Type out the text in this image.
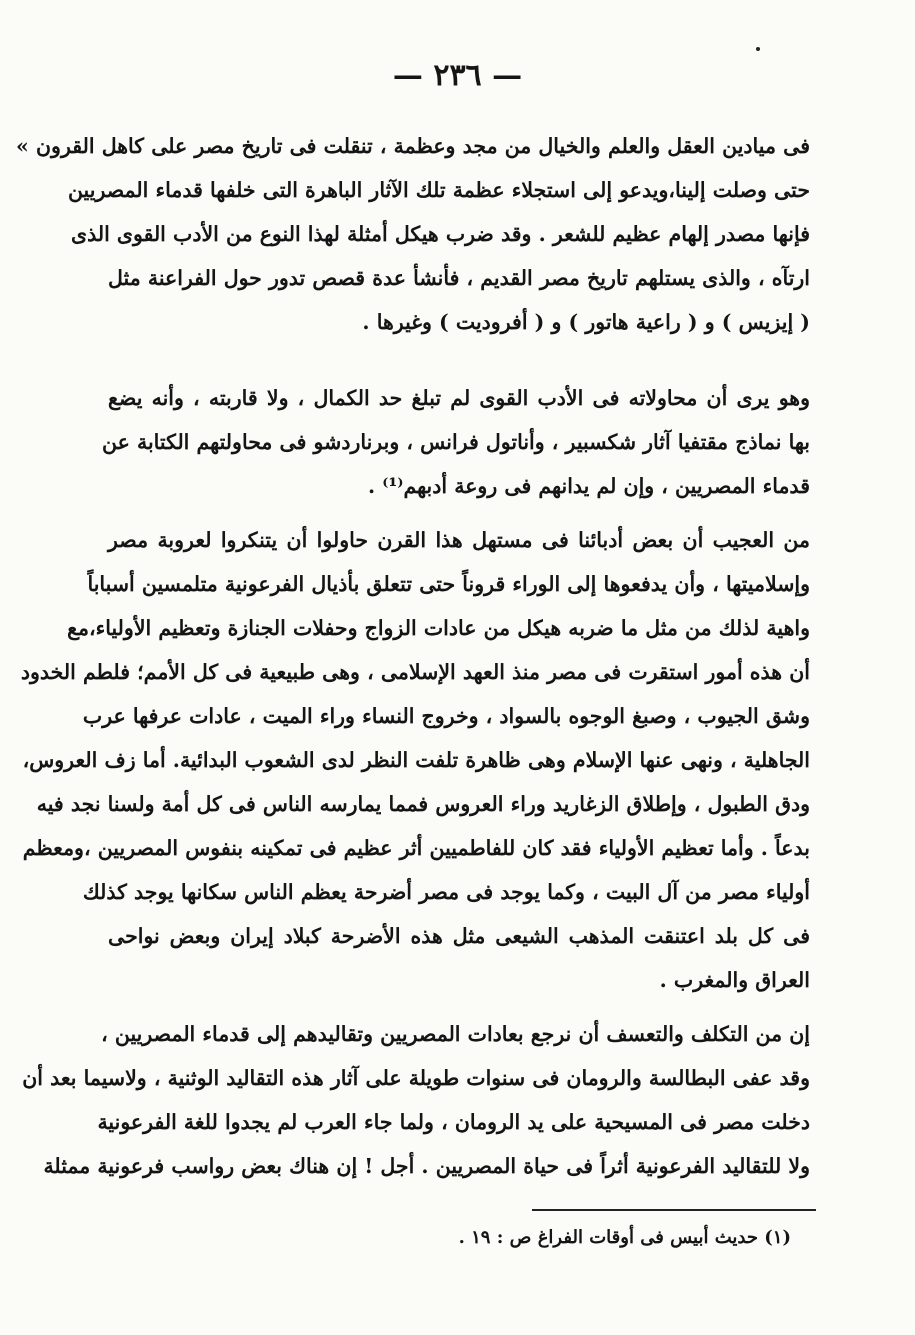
— ٢٣٦ —
فى ميادين العقل والعلم والخيال من مجد وعظمة ، تنقلت فى تاريخ مصر على كاهل القرون »
حتى وصلت إلينا،ويدعو إلى استجلاء عظمة تلك الآثار الباهرة التى خلفها قدماء المصريين
فإنها مصدر إلهام عظيم للشعر . وقد ضرب هيكل أمثلة لهذا النوع من الأدب القوى الذى
ارتآه ، والذى يستلهم تاريخ مصر القديم ، فأنشأ عدة قصص تدور حول الفراعنة مثل
( إيزيس ) و ( راعية هاتور ) و ( أفروديت ) وغيرها .
وهو يرى أن محاولاته فى الأدب القوى لم تبلغ حد الكمال ، ولا قاربته ، وأنه يضع
بها نماذج مقتفيا آثار شكسبير ، وأناتول فرانس ، وبرناردشو فى محاولتهم الكتابة عن
قدماء المصريين ، وإن لم يدانهم فى روعة أدبهم⁽¹⁾ .
من العجيب أن بعض أدبائنا فى مستهل هذا القرن حاولوا أن يتنكروا لعروبة مصر
وإسلاميتها ، وأن يدفعوها إلى الوراء قروناً حتى تتعلق بأذيال الفرعونية متلمسين أسباباً
واهية لذلك من مثل ما ضربه هيكل من عادات الزواج وحفلات الجنازة وتعظيم الأولياء،مع
أن هذه أمور استقرت فى مصر منذ العهد الإسلامى ، وهى طبيعية فى كل الأمم؛ فلطم الخدود
وشق الجيوب ، وصبغ الوجوه بالسواد ، وخروج النساء وراء الميت ، عادات عرفها عرب
الجاهلية ، ونهى عنها الإسلام وهى ظاهرة تلفت النظر لدى الشعوب البدائية. أما زف العروس،
ودق الطبول ، وإطلاق الزغاريد وراء العروس فمما يمارسه الناس فى كل أمة ولسنا نجد فيه
بدعاً . وأما تعظيم الأولياء فقد كان للفاطميين أثر عظيم فى تمكينه بنفوس المصريين ،ومعظم
أولياء مصر من آل البيت ، وكما يوجد فى مصر أضرحة يعظم الناس سكانها يوجد كذلك
فى كل بلد اعتنقت المذهب الشيعى مثل هذه الأضرحة كبلاد إيران وبعض نواحى
العراق والمغرب .
إن من التكلف والتعسف أن نرجع بعادات المصريين وتقاليدهم إلى قدماء المصريين ،
وقد عفى البطالسة والرومان فى سنوات طويلة على آثار هذه التقاليد الوثنية ، ولاسيما بعد أن
دخلت مصر فى المسيحية على يد الرومان ، ولما جاء العرب لم يجدوا للغة الفرعونية
ولا للتقاليد الفرعونية أثراً فى حياة المصريين . أجل ! إن هناك بعض رواسب فرعونية ممثلة
(١) حديث أبيس فى أوقات الفراغ ص : ١٩ .
